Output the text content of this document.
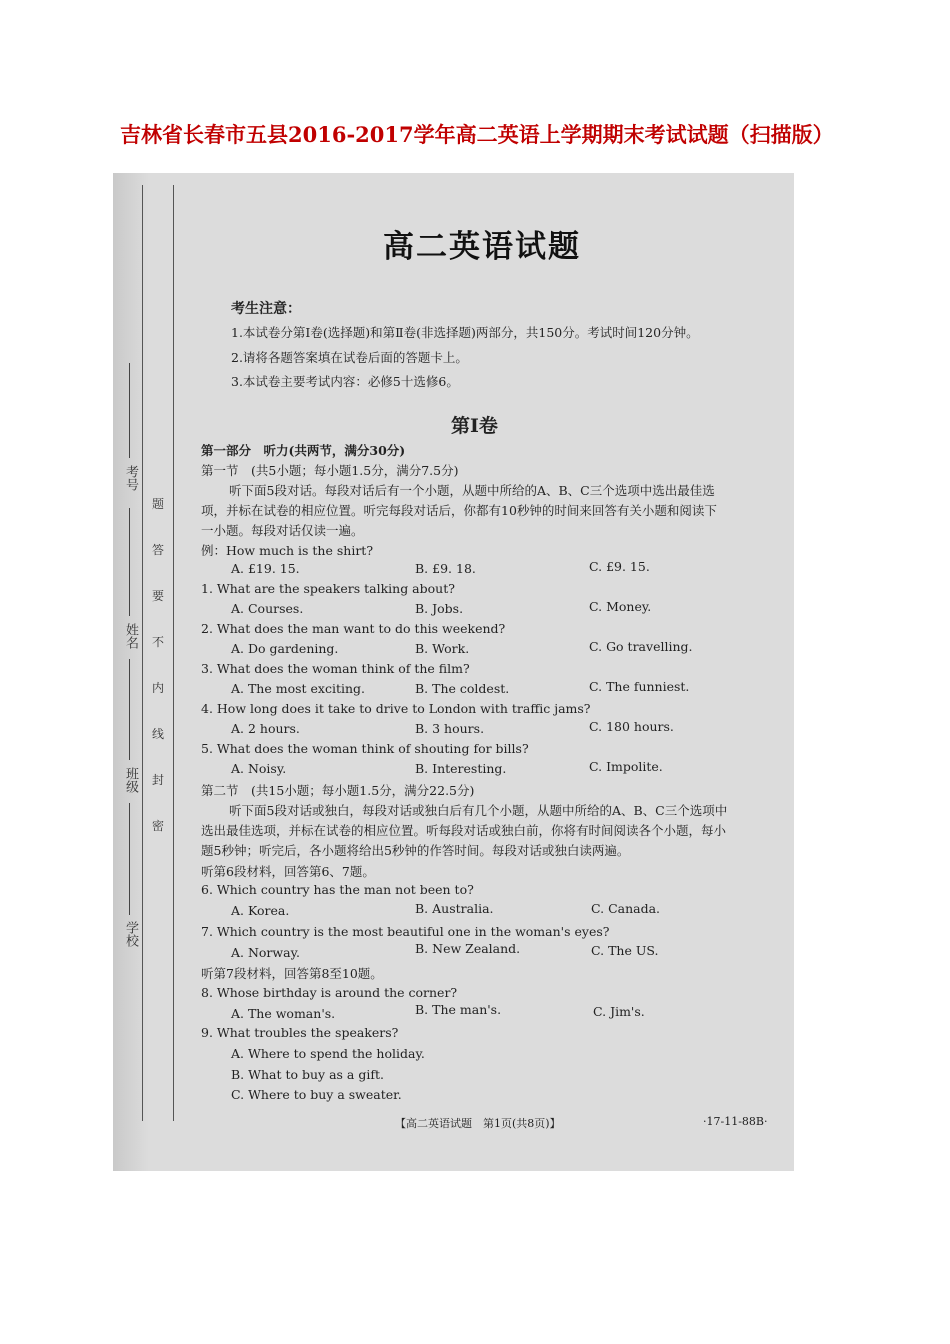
吉林省长春市五县2016-2017学年高二英语上学期期末考试试题（扫描版）
考号
姓名
班级
学校
题
答
要
不
内
线
封
密
高二英语试题
考生注意：
1.本试卷分第Ⅰ卷(选择题)和第Ⅱ卷(非选择题)两部分，共150分。考试时间120分钟。
2.请将各题答案填在试卷后面的答题卡上。
3.本试卷主要考试内容：必修5十选修6。
第Ⅰ卷
第一部分　听力(共两节，满分30分)
第一节　(共5小题；每小题1.5分，满分7.5分)
听下面5段对话。每段对话后有一个小题，从题中所给的A、B、C三个选项中选出最佳选
项，并标在试卷的相应位置。听完每段对话后，你都有10秒钟的时间来回答有关小题和阅读下
一小题。每段对话仅读一遍。
例：How much is the shirt?
A. £19. 15.	B. £9. 18.	C. £9. 15.
1. What are the speakers talking about?
A. Courses.	B. Jobs.	C. Money.
2. What does the man want to do this weekend?
A. Do gardening.	B. Work.	C. Go travelling.
3. What does the woman think of the film?
A. The most exciting.	B. The coldest.	C. The funniest.
4. How long does it take to drive to London with traffic jams?
A. 2 hours.	B. 3 hours.	C. 180 hours.
5. What does the woman think of shouting for bills?
A. Noisy.	B. Interesting.	C. Impolite.
第二节　(共15小题；每小题1.5分，满分22.5分)
听下面5段对话或独白，每段对话或独白后有几个小题，从题中所给的A、B、C三个选项中
选出最佳选项，并标在试卷的相应位置。听每段对话或独白前，你将有时间阅读各个小题，每小
题5秒钟；听完后，各小题将给出5秒钟的作答时间。每段对话或独白读两遍。
听第6段材料，回答第6、7题。
6. Which country has the man not been to?
A. Korea.	B. Australia.	C. Canada.
7. Which country is the most beautiful one in the woman's eyes?
A. Norway.	B. New Zealand.	C. The US.
听第7段材料，回答第8至10题。
8. Whose birthday is around the corner?
A. The woman's.	B. The man's.	C. Jim's.
9. What troubles the speakers?
A. Where to spend the holiday.
B. What to buy as a gift.
C. Where to buy a sweater.
【高二英语试题　第1页(共8页)】	·17-11-88B·
